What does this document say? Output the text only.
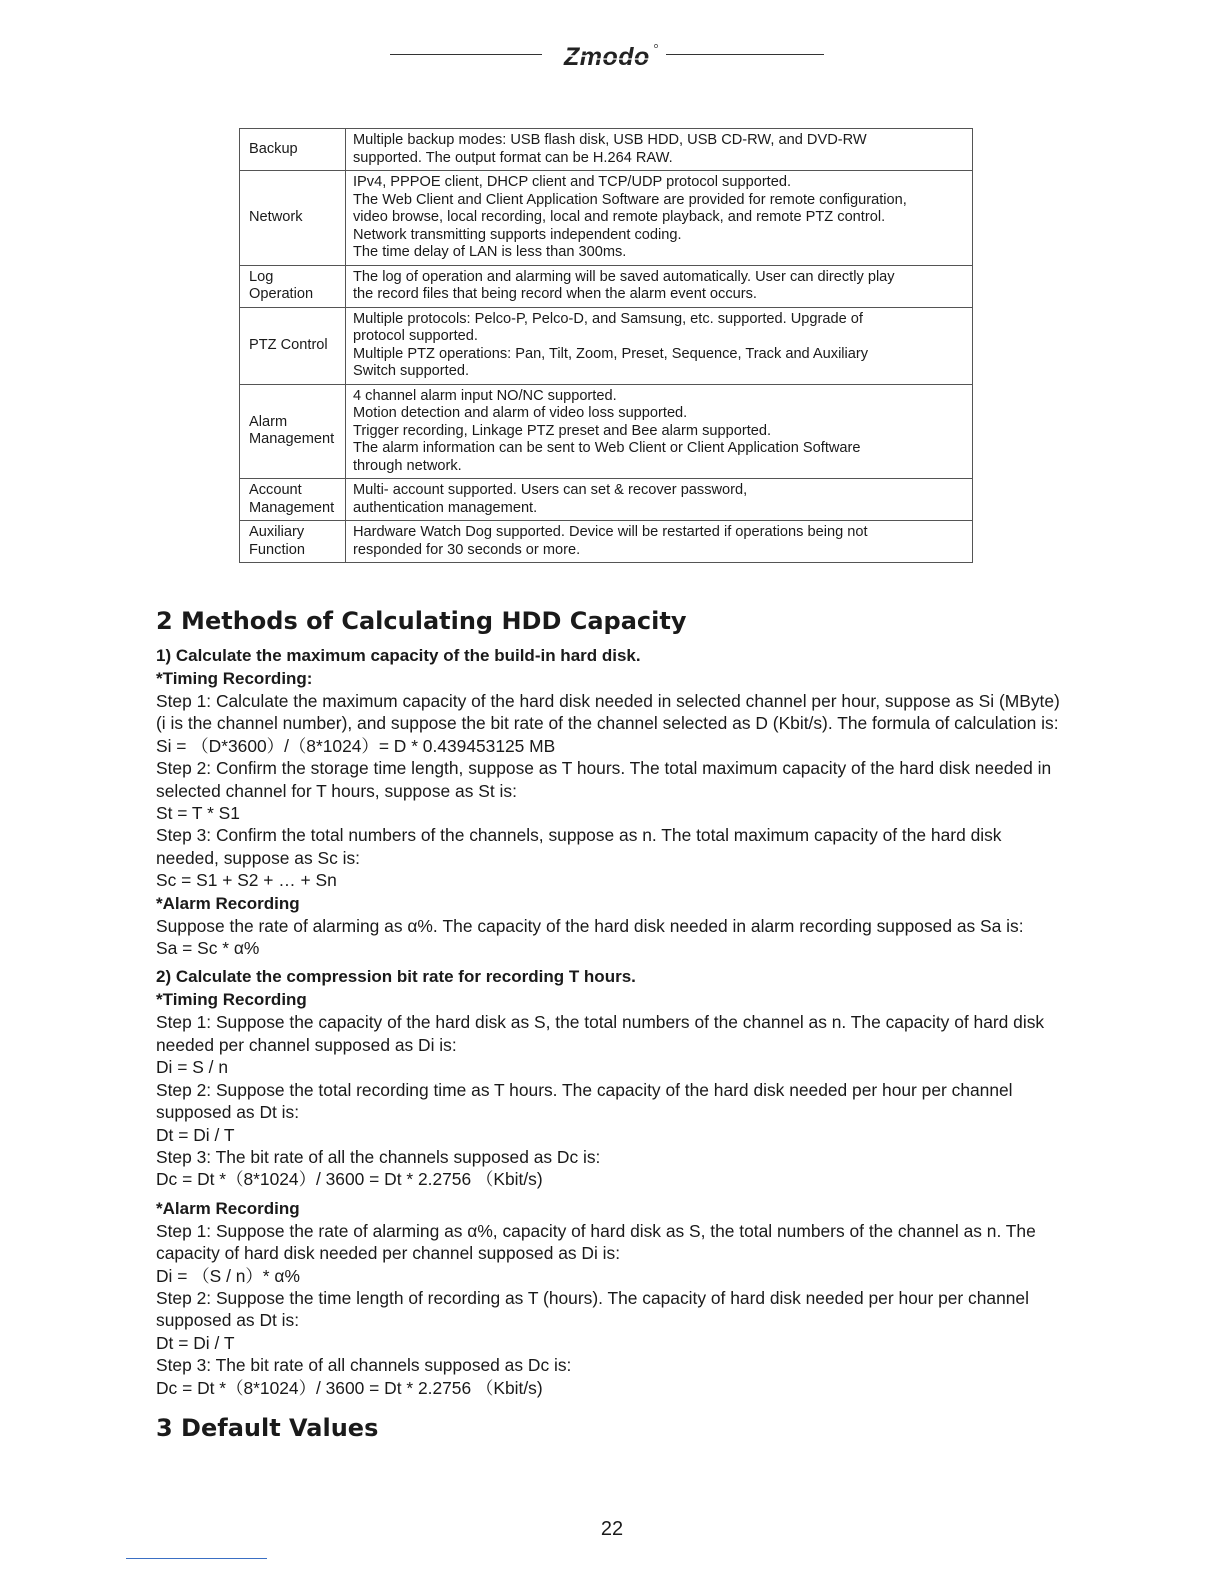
Zmodo
Backup	Multiple backup modes: USB flash disk, USB HDD, USB CD-RW, and DVD-RW
supported. The output format can be H.264 RAW.

Network	IPv4, PPPOE client, DHCP client and TCP/UDP protocol supported.
The Web Client and Client Application Software are provided for remote configuration,
video browse, local recording, local and remote playback, and remote PTZ control.
Network transmitting supports independent coding.
The time delay of LAN is less than 300ms.

Log
Operation	The log of operation and alarming will be saved automatically. User can directly play
the record files that being record when the alarm event occurs.

PTZ Control	Multiple protocols: Pelco-P, Pelco-D, and Samsung, etc. supported. Upgrade of
protocol supported.
Multiple PTZ operations: Pan, Tilt, Zoom, Preset, Sequence, Track and Auxiliary
Switch supported.

Alarm
Management	4 channel alarm input NO/NC supported.
Motion detection and alarm of video loss supported.
Trigger recording, Linkage PTZ preset and Bee alarm supported.
The alarm information can be sent to Web Client or Client Application Software
through network.

Account
Management	Multi- account supported. Users can set & recover password,
authentication management.

Auxiliary
Function	Hardware Watch Dog supported. Device will be restarted if operations being not
responded for 30 seconds or more.
2 Methods of Calculating HDD Capacity
1) Calculate the maximum capacity of the build-in hard disk.
*Timing Recording:
Step 1: Calculate the maximum capacity of the hard disk needed in selected channel per hour, suppose as Si (MByte) (i is the channel number), and suppose the bit rate of the channel selected as D (Kbit/s). The formula of calculation is:
Si = （D*3600）/（8*1024）= D * 0.439453125 MB
Step 2: Confirm the storage time length, suppose as T hours. The total maximum capacity of the hard disk needed in selected channel for T hours, suppose as St is:
St = T * S1
Step 3: Confirm the total numbers of the channels, suppose as n. The total maximum capacity of the hard disk needed, suppose as Sc is:
Sc = S1 + S2 + … + Sn
*Alarm Recording
Suppose the rate of alarming as α%. The capacity of the hard disk needed in alarm recording supposed as Sa is:
Sa = Sc * α%
2) Calculate the compression bit rate for recording T hours.
*Timing Recording
Step 1: Suppose the capacity of the hard disk as S, the total numbers of the channel as n. The capacity of hard disk needed per channel supposed as Di is:
Di = S / n
Step 2: Suppose the total recording time as T hours. The capacity of the hard disk needed per hour per channel supposed as Dt is:
Dt = Di / T
Step 3: The bit rate of all the channels supposed as Dc is:
Dc = Dt *（8*1024）/ 3600 = Dt * 2.2756 （Kbit/s)
*Alarm Recording
Step 1: Suppose the rate of alarming as α%, capacity of hard disk as S, the total numbers of the channel as n. The capacity of hard disk needed per channel supposed as Di is:
Di = （S / n）* α%
Step 2: Suppose the time length of recording as T (hours). The capacity of hard disk needed per hour per channel supposed as Dt is:
Dt = Di / T
Step 3: The bit rate of all channels supposed as Dc is:
Dc = Dt *（8*1024）/ 3600 = Dt * 2.2756 （Kbit/s)
3 Default Values
22
